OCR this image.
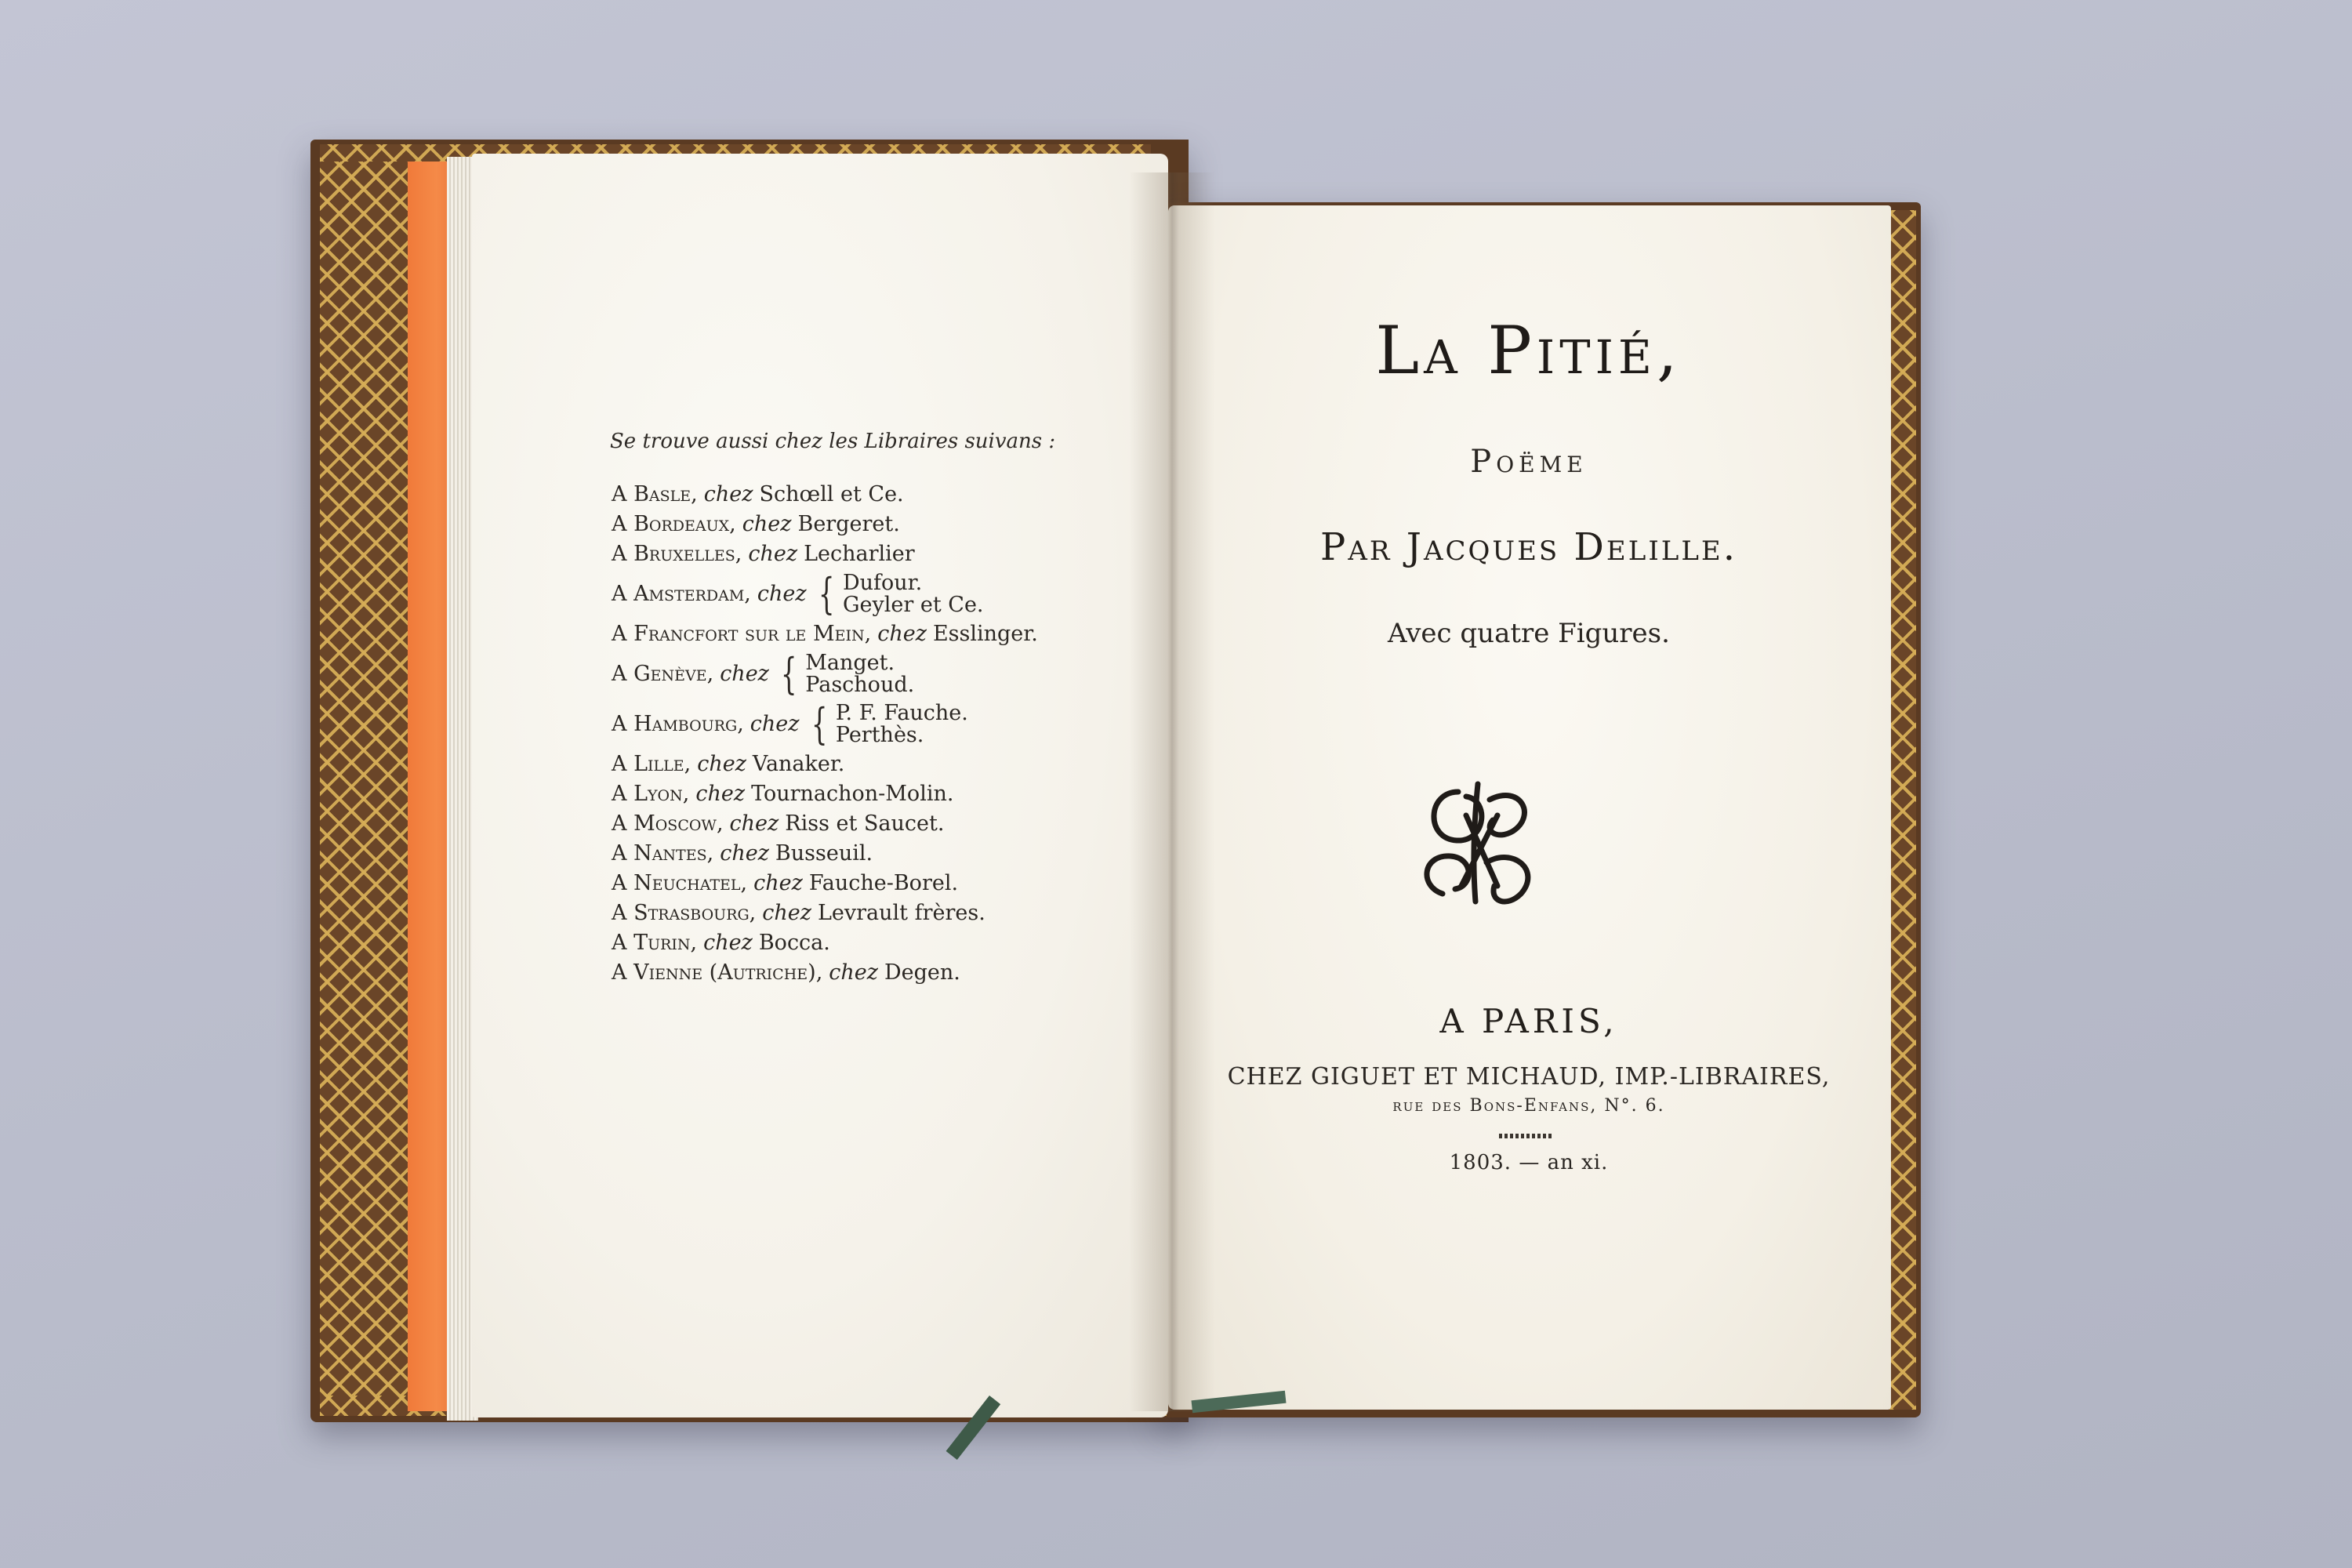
Se trouve aussi chez les Libraires suivans :
A Basle, chez Schœll et Ce.
A Bordeaux, chez Bergeret.
A Bruxelles, chez Lecharlier
A Amsterdam, chez { Dufour.
Geyler et Ce.
A Francfort sur le Mein, chez Esslinger.
A Genève, chez { Manget.
Paschoud.
A Hambourg, chez { P. F. Fauche.
Perthès.
A Lille, chez Vanaker.
A Lyon, chez Tournachon-Molin.
A Moscow, chez Riss et Saucet.
A Nantes, chez Busseuil.
A Neuchatel, chez Fauche-Borel.
A Strasbourg, chez Levrault frères.
A Turin, chez Bocca.
A Vienne (Autriche), chez Degen.
La Pitié,
Poëme
Par Jacques Delille.
Avec quatre Figures.
A PARIS,
CHEZ GIGUET ET MICHAUD, IMP.-LIBRAIRES,
rue des Bons-Enfans, N°. 6.
1803. — an xi.
